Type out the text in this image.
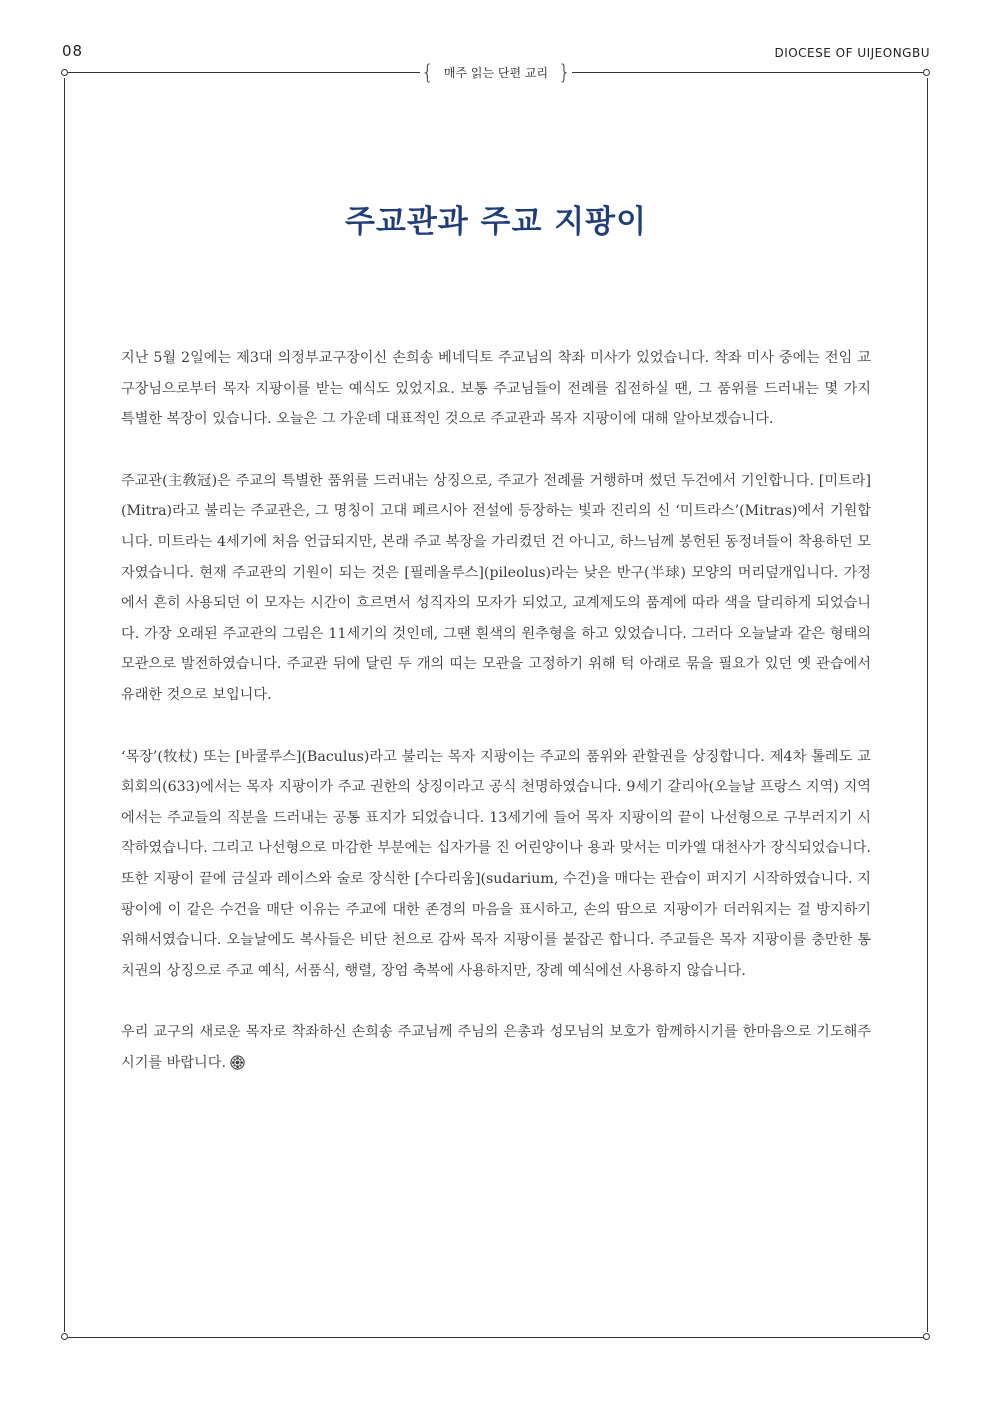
08	DIOCESE OF UIJEONGBU
{ 매주 읽는 단편 교리 }
주교관과 주교 지팡이

지난 5월 2일에는 제3대 의정부교구장이신 손희송 베네딕토 주교님의 착좌 미사가 있었습니다. 착좌 미사 중에는 전임 교구장님으로부터 목자 지팡이를 받는 예식도 있었지요. 보통 주교님들이 전례를 집전하실 땐, 그 품위를 드러내는 몇 가지 특별한 복장이 있습니다. 오늘은 그 가운데 대표적인 것으로 주교관과 목자 지팡이에 대해 알아보겠습니다.

주교관(主敎冠)은 주교의 특별한 품위를 드러내는 상징으로, 주교가 전례를 거행하며 썼던 두건에서 기인합니다. [미트라](Mitra)라고 불리는 주교관은, 그 명칭이 고대 페르시아 전설에 등장하는 빛과 진리의 신 ‘미트라스’(Mitras)에서 기원합니다. 미트라는 4세기에 처음 언급되지만, 본래 주교 복장을 가리켰던 건 아니고, 하느님께 봉헌된 동정녀들이 착용하던 모자였습니다. 현재 주교관의 기원이 되는 것은 [필레올루스](pileolus)라는 낮은 반구(半球) 모양의 머리덮개입니다. 가정에서 흔히 사용되던 이 모자는 시간이 흐르면서 성직자의 모자가 되었고, 교계제도의 품계에 따라 색을 달리하게 되었습니다. 가장 오래된 주교관의 그림은 11세기의 것인데, 그땐 흰색의 원추형을 하고 있었습니다. 그러다 오늘날과 같은 형태의 모관으로 발전하였습니다. 주교관 뒤에 달린 두 개의 띠는 모관을 고정하기 위해 턱 아래로 묶을 필요가 있던 옛 관습에서 유래한 것으로 보입니다.

‘목장’(牧杖) 또는 [바쿨루스](Baculus)라고 불리는 목자 지팡이는 주교의 품위와 관할권을 상징합니다. 제4차 톨레도 교회회의(633)에서는 목자 지팡이가 주교 권한의 상징이라고 공식 천명하였습니다. 9세기 갈리아(오늘날 프랑스 지역) 지역에서는 주교들의 직분을 드러내는 공통 표지가 되었습니다. 13세기에 들어 목자 지팡이의 끝이 나선형으로 구부러지기 시작하였습니다. 그리고 나선형으로 마감한 부분에는 십자가를 진 어린양이나 용과 맞서는 미카엘 대천사가 장식되었습니다. 또한 지팡이 끝에 금실과 레이스와 술로 장식한 [수다리움](sudarium, 수건)을 매다는 관습이 퍼지기 시작하였습니다. 지팡이에 이 같은 수건을 매단 이유는 주교에 대한 존경의 마음을 표시하고, 손의 땀으로 지팡이가 더러워지는 걸 방지하기 위해서였습니다. 오늘날에도 복사들은 비단 천으로 감싸 목자 지팡이를 붙잡곤 합니다. 주교들은 목자 지팡이를 충만한 통치권의 상징으로 주교 예식, 서품식, 행렬, 장엄 축복에 사용하지만, 장례 예식에선 사용하지 않습니다.

우리 교구의 새로운 목자로 착좌하신 손희송 주교님께 주님의 은총과 성모님의 보호가 함께하시기를 한마음으로 기도해주시기를 바랍니다.
